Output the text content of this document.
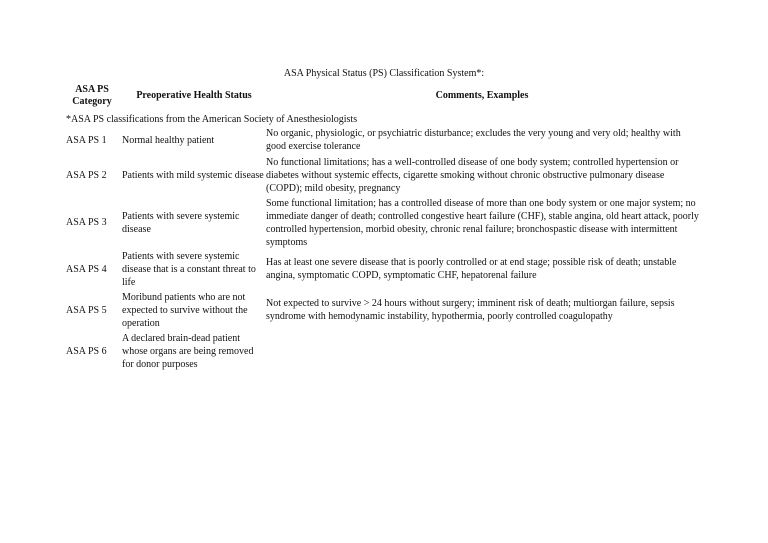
ASA Physical Status (PS) Classification System*:
ASA PS Category
Preoperative Health Status	Comments, Examples
*ASA PS classifications from the American Society of Anesthesiologists
ASA PS 1 Normal healthy patient
No organic, physiologic, or psychiatric disturbance; excludes the very young and very old; healthy with good exercise tolerance
ASA PS 2 Patients with mild systemic disease
No functional limitations; has a well-controlled disease of one body system; controlled hypertension or diabetes without systemic effects, cigarette smoking without chronic obstructive pulmonary disease (COPD); mild obesity, pregnancy
ASA PS 3
Patients with severe systemic disease
Some functional limitation; has a controlled disease of more than one body system or one major system; no immediate danger of death; controlled congestive heart failure (CHF), stable angina, old heart attack, poorly controlled hypertension, morbid obesity, chronic renal failure; bronchospastic disease with intermittent symptoms
ASA PS 4
Patients with severe systemic disease that is a constant threat to life
Has at least one severe disease that is poorly controlled or at end stage; possible risk of death; unstable angina, symptomatic COPD, symptomatic CHF, hepatorenal failure
ASA PS 5
Moribund patients who are not expected to survive without the operation
Not expected to survive > 24 hours without surgery; imminent risk of death; multiorgan failure, sepsis syndrome with hemodynamic instability, hypothermia, poorly controlled coagulopathy
ASA PS 6
A declared brain-dead patient whose organs are being removed for donor purposes
